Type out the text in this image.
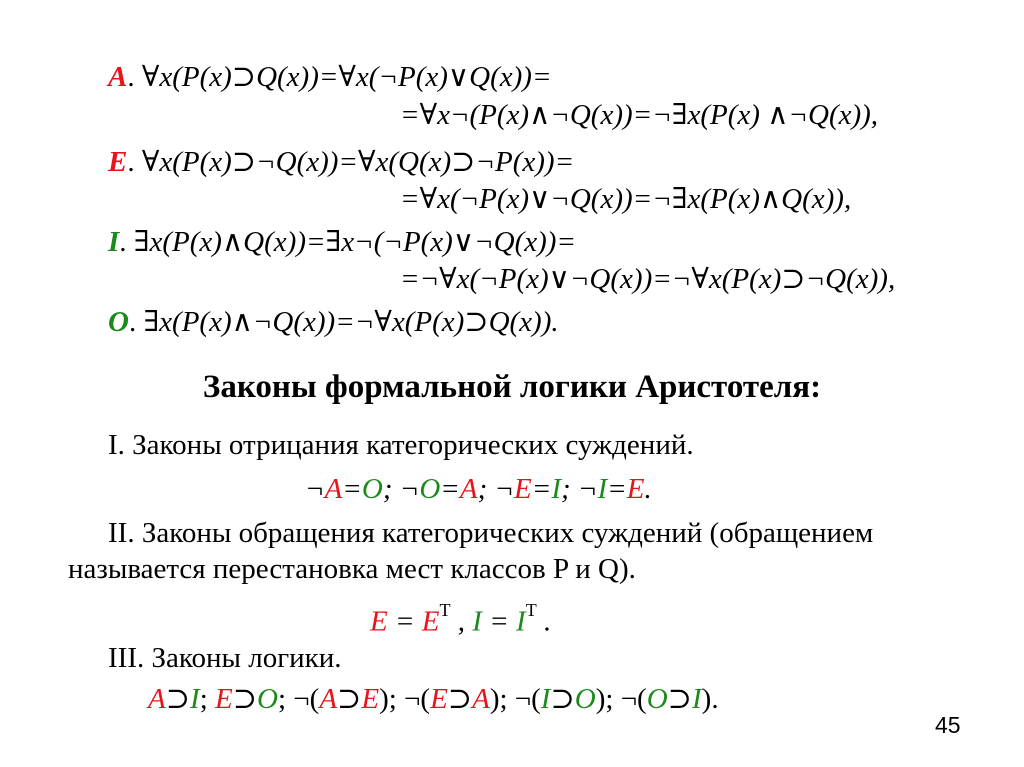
A. ∀x(P(x)⊃Q(x))=∀x(¬P(x)∨Q(x))=
=∀x¬(P(x)∧¬Q(x))=¬∃x(P(x) ∧¬Q(x)),
E. ∀x(P(x)⊃¬Q(x))=∀x(Q(x)⊃¬P(x))=
=∀x(¬P(x)∨¬Q(x))=¬∃x(P(x)∧Q(x)),
I. ∃x(P(x)∧Q(x))=∃x¬(¬P(x)∨¬Q(x))=
=¬∀x(¬P(x)∨¬Q(x))=¬∀x(P(x)⊃¬Q(x)),
O. ∃x(P(x)∧¬Q(x))=¬∀x(P(x)⊃Q(x)).
Законы формальной логики Аристотеля:
I. Законы отрицания категорических суждений.
¬A=O; ¬O=A; ¬E=I; ¬I=E.
II. Законы обращения категорических суждений (обращением
называется перестановка мест классов P и Q).
$E = E^T$ , $I = I^T$ .
III. Законы логики.
A⊃I; E⊃O; ¬(A⊃E); ¬(E⊃A); ¬(I⊃O); ¬(O⊃I).
45
